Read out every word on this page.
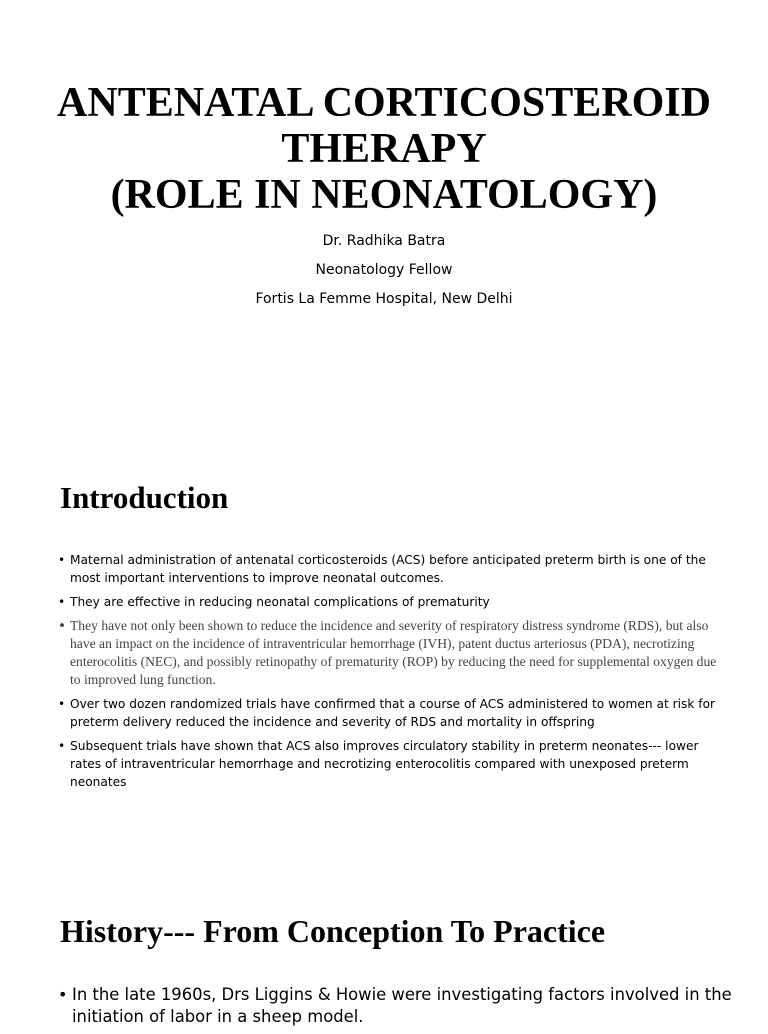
ANTENATAL CORTICOSTEROID
THERAPY
(ROLE IN NEONATOLOGY)
Dr. Radhika Batra
Neonatology Fellow
Fortis La Femme Hospital, New Delhi
Introduction
• Maternal administration of antenatal corticosteroids (ACS) before anticipated preterm birth is one of the most important interventions to improve neonatal outcomes.
• They are effective in reducing neonatal complications of prematurity
• They have not only been shown to reduce the incidence and severity of respiratory distress syndrome (RDS), but also have an impact on the incidence of intraventricular hemorrhage (IVH), patent ductus arteriosus (PDA), necrotizing enterocolitis (NEC), and possibly retinopathy of prematurity (ROP) by reducing the need for supplemental oxygen due to improved lung function.
• Over two dozen randomized trials have confirmed that a course of ACS administered to women at risk for preterm delivery reduced the incidence and severity of RDS and mortality in offspring
• Subsequent trials have shown that ACS also improves circulatory stability in preterm neonates--- lower rates of intraventricular hemorrhage and necrotizing enterocolitis compared with unexposed preterm neonates
History--- From Conception To Practice
• In the late 1960s, Drs Liggins & Howie were investigating factors involved in the initiation of labor in a sheep model.
